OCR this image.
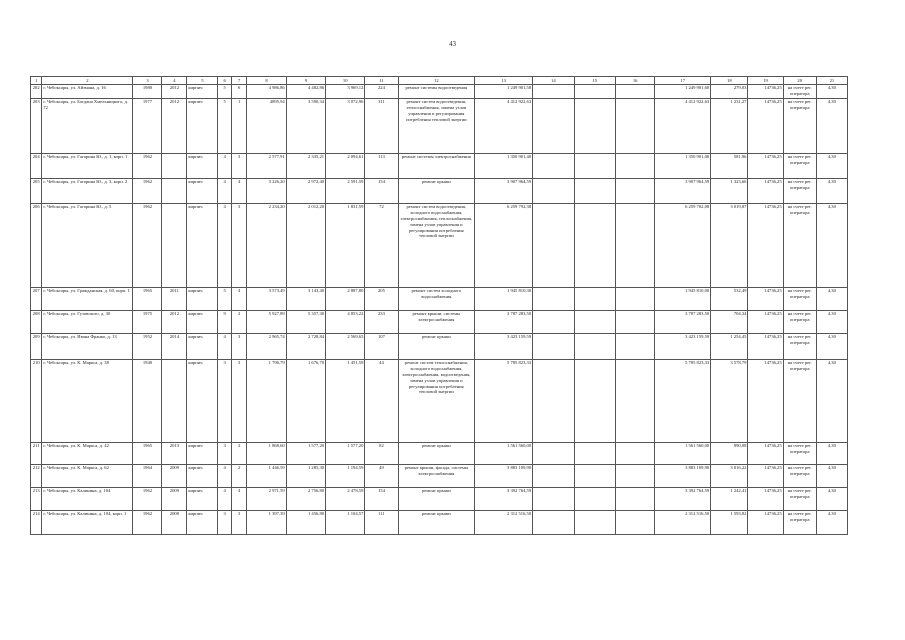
43
1	2	3	4	5	6	7	8	9	10	11	12	13	14	15	16	17	18	19	20	21
202	г. Чебоксары, ул. Айзмана, д. 16	1980	2012	кирпич	5	6	4 986,86	4 482,86	3 969,12	224	ремонт системы водоотведения	1 249 901,58				1 249 901,60	279,03	14736,25	на счете рег. оператора	4,30
203	г. Чебоксары, ул. Богдана Хмельницкого, д. 72	1977	2012	кирпич	5	1	4895,94	3 590,34	3 072,96	311	ремонт систем водоотведения, теплоснабжения, замена узлов управления и регулирования потребления тепловой энергии	4 412 922,63				4 412 922,63	1 231,27	14736,25	на счете рег. оператора	4,30
204	г. Чебоксары, ул. Гагарина Ю., д. 1, корп. 1	1962		кирпич	4	3	2 577,91	2 335,21	2 094,61	113	ремонт системы электроснабжения	1 350 901,40				1 350 901,00	581,96	14736,25	на счете рег. оператора	4,30
205	г. Чебоксары, ул. Гагарина Ю., д. 3, корп. 2	1962		кирпич	4	4	3 226,20	2 972,40	2 591,59	154	ремонт крыши	3 907 964,59				3 907 964,59	1 323,66	14736,25	на счете рег. оператора	4,30
206	г. Чебоксары, ул. Гагарина Ю., д. 5	1962		кирпич	4	3	2 234,20	2 012,20	1 831,59	72	ремонт систем водоотведения, холодного водоснабжения, электроснабжения, теплоснабжения, замена узлов управления и регулирования потребления тепловой энергии	6 259 792,38				6 259 702,08	3 019,87	14736,25	на счете рег. оператора	4,30
207	г. Чебоксары, ул. Гражданская, д. 60, корп. 1	1965	2011	кирпич	5	4	3 573,49	3 143,40	2 887,80	205	ремонт систем холодного водоснабжения	1 945 810,30				1 945 810,00	532,49	14736,25	на счете рег. оператора	4,30
208	г. Чебоксары, ул. Гузовского, д. 30	1975	2012	кирпич	9	2	5 927,89	5 357,30	4 853,22	233	ремонт крыши, системы электроснабжения	3 787 283,50				3 787 283,50	704,34	14736,25	на счете рег. оператора	4,30
209	г. Чебоксары, ул. Ивана Франко, д. 13	1952	2014	кирпич	4	3	2 965,74	2 728,84	2 569,65	107	ремонт крыши	3 423 159,59				3 423 159,59	1 254,45	14736,25	на счете рег. оператора	4,30
210	г. Чебоксары, ул. К. Маркса, д. 38	1940		кирпич	3	3	1 796,79	1 676,70	1 451,59	44	ремонт систем теплоснабжения, холодного водоснабжения, электроснабжения, водоотведения, замена узлов управления и регулирования потребления тепловой энергии	5 785 823,33				5 785 823,33	3 578,79	14736,25	на счете рег. оператора	4,30
211	г. Чебоксары, ул. К. Маркса, д. 42	1965	2013	кирпич	3	2	1 868,60	1 577,20	1 577,20	82	ремонт крыши	1 561 560,00				1 561 560,00	990,08	14736,25	на счете рег. оператора	4,30
212	г. Чебоксары, ул. К. Маркса, д. 62	1964	2009	кирпич	4	2	1 446,59	1 285,30	1 194,59	49	ремонт крыши, фасада, системы электроснабжения	3 883 109,90				3 883 109,90	3 016,22	14736,25	на счете рег. оператора	4,30
213	г. Чебоксары, ул. Калинина, д. 104	1962	2009	кирпич	4	4	2 971,59	2 756,80	2 478,59	154	ремонт крыши	3 392 764,59				3 392 764,59	1 242,41	14736,25	на счете рег. оператора	4,30
214	г. Чебоксары, ул. Калинина, д. 104, корп. 1	1962	2008	кирпич	3	3	1 397,39	1 456,80	1 104,57	111	ремонт крыши	2 312 516,50				2 312 516,50	1 593,82	14736,25	на счете рег. оператора	4,30
